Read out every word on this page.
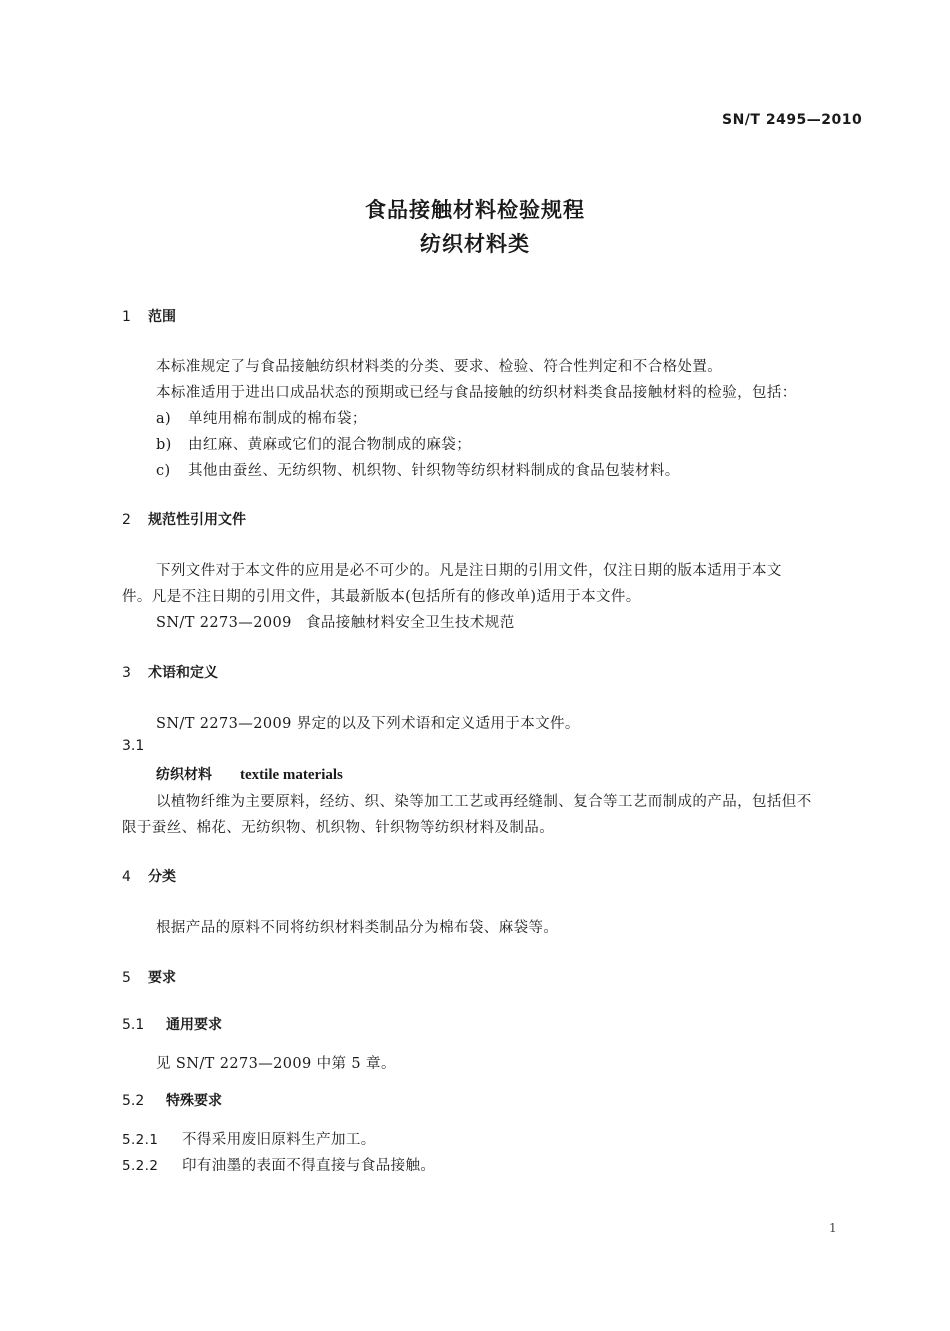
SN/T 2495—2010
食品接触材料检验规程
纺织材料类
1 范围
本标准规定了与食品接触纺织材料类的分类、要求、检验、符合性判定和不合格处置。
本标准适用于进出口成品状态的预期或已经与食品接触的纺织材料类食品接触材料的检验，包括：
a) 单纯用棉布制成的棉布袋；
b) 由红麻、黄麻或它们的混合物制成的麻袋；
c) 其他由蚕丝、无纺织物、机织物、针织物等纺织材料制成的食品包装材料。
2 规范性引用文件
下列文件对于本文件的应用是必不可少的。凡是注日期的引用文件，仅注日期的版本适用于本文
件。凡是不注日期的引用文件，其最新版本(包括所有的修改单)适用于本文件。
SN/T 2273—2009 食品接触材料安全卫生技术规范
3 术语和定义
SN/T 2273—2009 界定的以及下列术语和定义适用于本文件。
3.1
纺织材料 textile materials
以植物纤维为主要原料，经纺、织、染等加工工艺或再经缝制、复合等工艺而制成的产品，包括但不
限于蚕丝、棉花、无纺织物、机织物、针织物等纺织材料及制品。
4 分类
根据产品的原料不同将纺织材料类制品分为棉布袋、麻袋等。
5 要求
5.1 通用要求
见 SN/T 2273—2009 中第 5 章。
5.2 特殊要求
5.2.1 不得采用废旧原料生产加工。
5.2.2 印有油墨的表面不得直接与食品接触。
1
